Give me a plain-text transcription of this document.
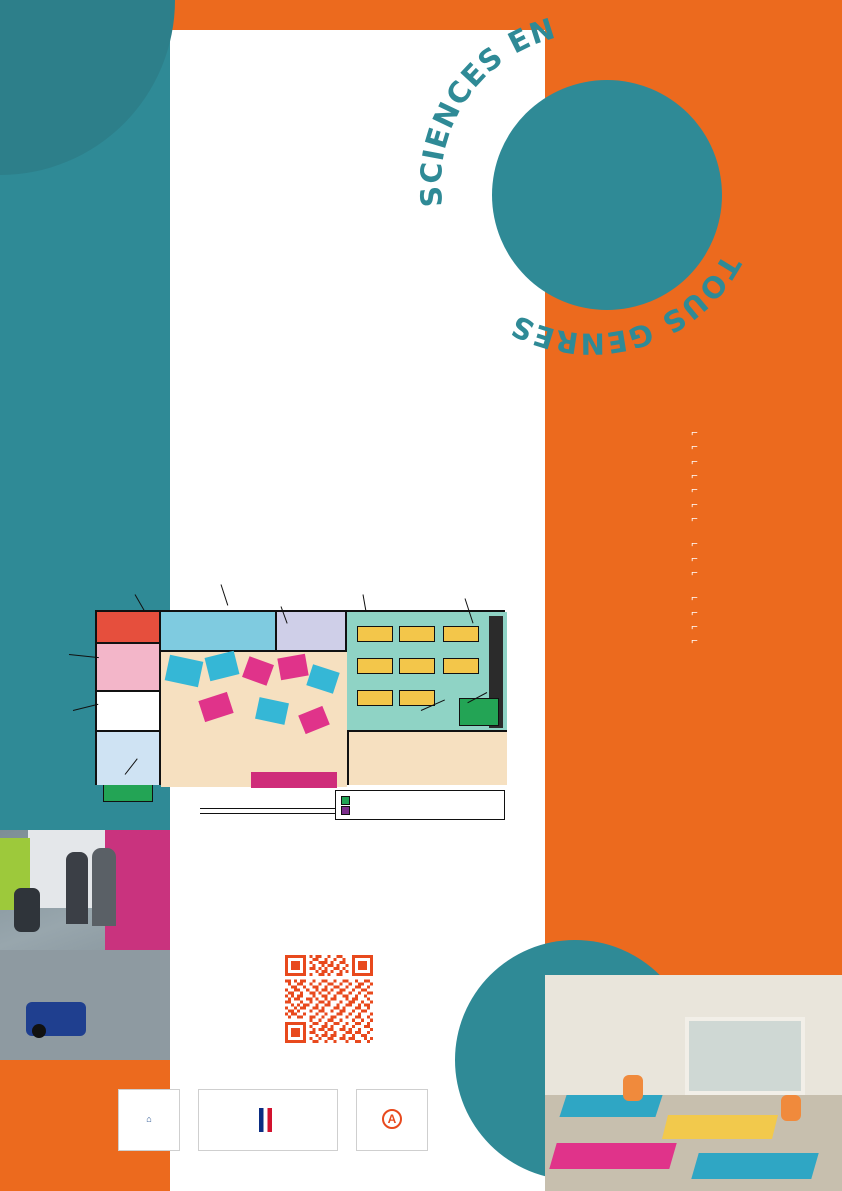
SCIENCES EN
TOUS GENRES

⌐
⌐
⌐
⌐
⌐
⌐
⌐
⌐
⌐
⌐
⌐
⌐
⌐
⌐
⌂	A
